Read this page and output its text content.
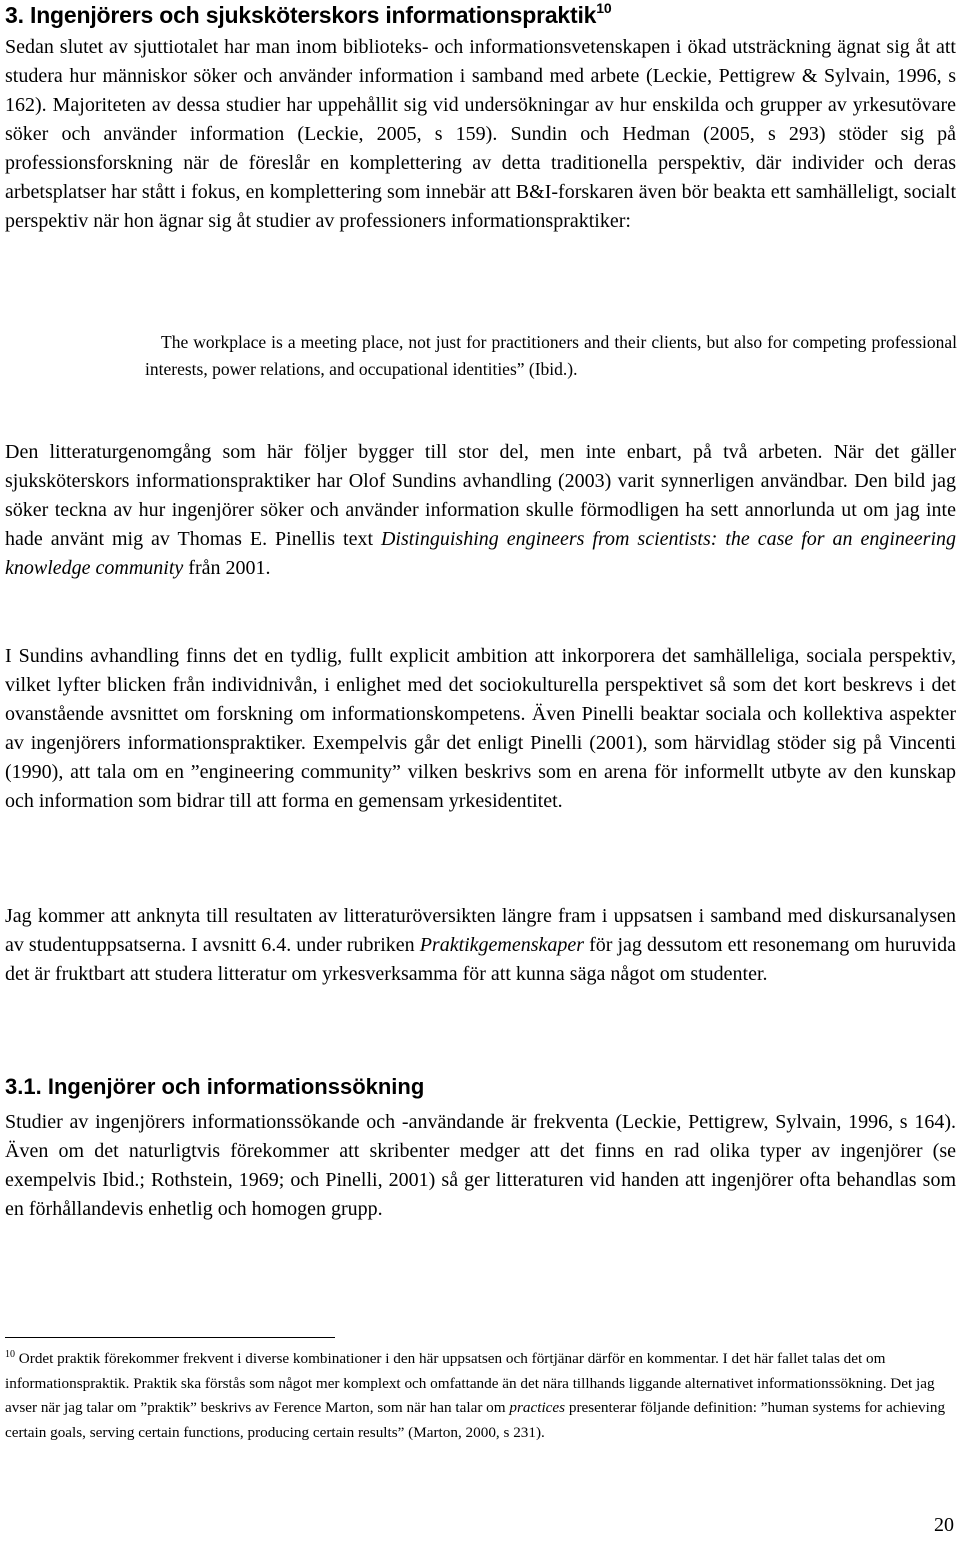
3. Ingenjörers och sjuksköterskors informationspraktik$^{10}$

Sedan slutet av sjuttiotalet har man inom biblioteks- och informationsvetenskapen i ökad utsträckning ägnat sig åt att studera hur människor söker och använder information i samband med arbete (Leckie, Pettigrew & Sylvain, 1996, s 162). Majoriteten av dessa studier har uppehållit sig vid undersökningar av hur enskilda och grupper av yrkesutövare söker och använder information (Leckie, 2005, s 159). Sundin och Hedman (2005, s 293) stöder sig på professionsforskning när de föreslår en komplettering av detta traditionella perspektiv, där individer och deras arbetsplatser har stått i fokus, en komplettering som innebär att B&I-forskaren även bör beakta ett samhälleligt, socialt perspektiv när hon ägnar sig åt studier av professioners informationspraktiker:

The workplace is a meeting place, not just for practitioners and their clients, but also for competing professional interests, power relations, and occupational identities” (Ibid.).

Den litteraturgenomgång som här följer bygger till stor del, men inte enbart, på två arbeten. När det gäller sjuksköterskors informationspraktiker har Olof Sundins avhandling (2003) varit synnerligen användbar. Den bild jag söker teckna av hur ingenjörer söker och använder information skulle förmodligen ha sett annorlunda ut om jag inte hade använt mig av Thomas E. Pinellis text Distinguishing engineers from scientists: the case for an engineering knowledge community från 2001.

I Sundins avhandling finns det en tydlig, fullt explicit ambition att inkorporera det samhälleliga, sociala perspektiv, vilket lyfter blicken från individnivån, i enlighet med det sociokulturella perspektivet så som det kort beskrevs i det ovanstående avsnittet om forskning om informationskompetens. Även Pinelli beaktar sociala och kollektiva aspekter av ingenjörers informationspraktiker. Exempelvis går det enligt Pinelli (2001), som härvidlag stöder sig på Vincenti (1990), att tala om en ”engineering community” vilken beskrivs som en arena för informellt utbyte av den kunskap och information som bidrar till att forma en gemensam yrkesidentitet.

Jag kommer att anknyta till resultaten av litteraturöversikten längre fram i uppsatsen i samband med diskursanalysen av studentuppsatserna. I avsnitt 6.4. under rubriken Praktikgemenskaper för jag dessutom ett resonemang om huruvida det är fruktbart att studera litteratur om yrkesverksamma för att kunna säga något om studenter.

3.1. Ingenjörer och informationssökning

Studier av ingenjörers informationssökande och -användande är frekventa (Leckie, Pettigrew, Sylvain, 1996, s 164). Även om det naturligtvis förekommer att skribenter medger att det finns en rad olika typer av ingenjörer (se exempelvis Ibid.; Rothstein, 1969; och Pinelli, 2001) så ger litteraturen vid handen att ingenjörer ofta behandlas som en förhållandevis enhetlig och homogen grupp.

$^{10}$ Ordet praktik förekommer frekvent i diverse kombinationer i den här uppsatsen och förtjänar därför en kommentar. I det här fallet talas det om informationspraktik. Praktik ska förstås som något mer komplext och omfattande än det nära tillhands liggande alternativet informationssökning. Det jag avser när jag talar om ”praktik” beskrivs av Ference Marton, som när han talar om practices presenterar följande definition: ”human systems for achieving certain goals, serving certain functions, producing certain results” (Marton, 2000, s 231).

20
